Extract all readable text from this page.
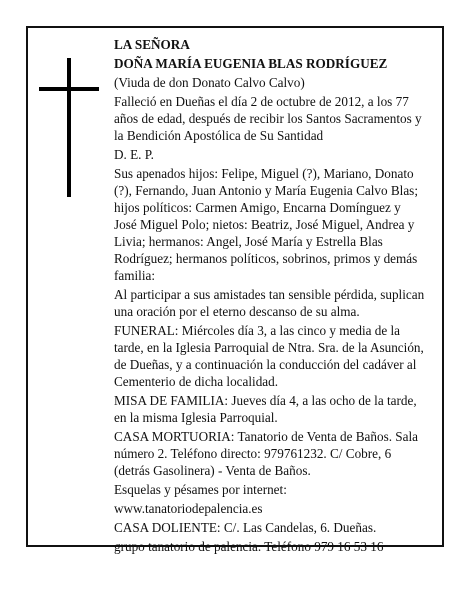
LA SEÑORA

DOÑA MARÍA EUGENIA BLAS RODRÍGUEZ

(Viuda de don Donato Calvo Calvo)

Falleció en Dueñas el día 2 de octubre de 2012, a los 77 años de edad, después de recibir los Santos Sacramentos y la Bendición Apostólica de Su Santidad

D. E. P.

Sus apenados hijos: Felipe, Miguel (?), Mariano, Donato (?), Fernando, Juan Antonio y María Eugenia Calvo Blas; hijos políticos: Carmen Amigo, Encarna Domínguez y José Miguel Polo; nietos: Beatriz, José Miguel, Andrea y Livia; hermanos: Angel, José María y Estrella Blas Rodríguez; hermanos políticos, sobrinos, primos y demás familia:

Al participar a sus amistades tan sensible pérdida, suplican una oración por el eterno descanso de su alma.

FUNERAL: Miércoles día 3, a las cinco y media de la tarde, en la Iglesia Parroquial de Ntra. Sra. de la Asunción, de Dueñas, y a continuación la conducción del cadáver al Cementerio de dicha localidad.

MISA DE FAMILIA: Jueves día 4, a las ocho de la tarde, en la misma Iglesia Parroquial.

CASA MORTUORIA: Tanatorio de Venta de Baños. Sala número 2. Teléfono directo: 979761232. C/ Cobre, 6 (detrás Gasolinera) - Venta de Baños.

Esquelas y pésames por internet:

www.tanatoriodepalencia.es

CASA DOLIENTE: C/. Las Candelas, 6. Dueñas.

grupo tanatorio de palencia. Teléfono 979 16 53 16
